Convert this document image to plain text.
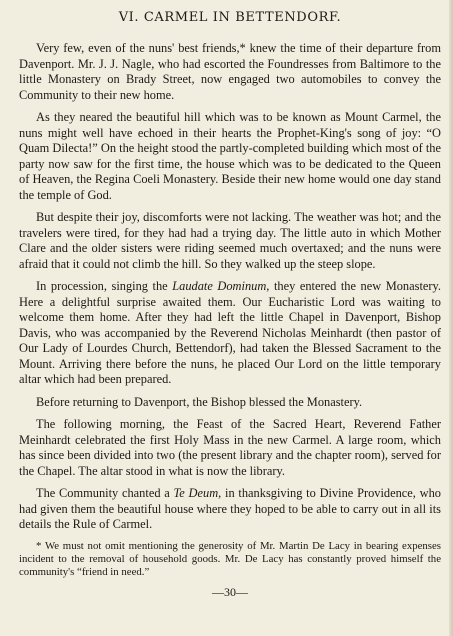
VI. CARMEL IN BETTENDORF.

Very few, even of the nuns' best friends,* knew the time of their departure from Davenport. Mr. J. J. Nagle, who had escorted the Foundresses from Baltimore to the little Monastery on Brady Street, now engaged two automobiles to convey the Community to their new home.

As they neared the beautiful hill which was to be known as Mount Carmel, the nuns might well have echoed in their hearts the Prophet-King's song of joy: “O Quam Dilecta!” On the height stood the partly-completed building which most of the party now saw for the first time, the house which was to be dedicated to the Queen of Heaven, the Regina Coeli Monastery. Beside their new home would one day stand the temple of God.

But despite their joy, discomforts were not lacking. The weather was hot; and the travelers were tired, for they had had a trying day. The little auto in which Mother Clare and the older sisters were riding seemed much overtaxed; and the nuns were afraid that it could not climb the hill. So they walked up the steep slope.

In procession, singing the Laudate Dominum, they entered the new Monastery. Here a delightful surprise awaited them. Our Eucharistic Lord was waiting to welcome them home. After they had left the little Chapel in Davenport, Bishop Davis, who was accompanied by the Reverend Nicholas Meinhardt (then pastor of Our Lady of Lourdes Church, Bettendorf), had taken the Blessed Sacrament to the Mount. Arriving there before the nuns, he placed Our Lord on the little temporary altar which had been prepared.

Before returning to Davenport, the Bishop blessed the Monastery.

The following morning, the Feast of the Sacred Heart, Reverend Father Meinhardt celebrated the first Holy Mass in the new Carmel. A large room, which has since been divided into two (the present library and the chapter room), served for the Chapel. The altar stood in what is now the library.

The Community chanted a Te Deum, in thanksgiving to Divine Providence, who had given them the beautiful house where they hoped to be able to carry out in all its details the Rule of Carmel.

* We must not omit mentioning the generosity of Mr. Martin De Lacy in bearing expenses incident to the removal of household goods. Mr. De Lacy has constantly proved himself the community's “friend in need.”
—30—
